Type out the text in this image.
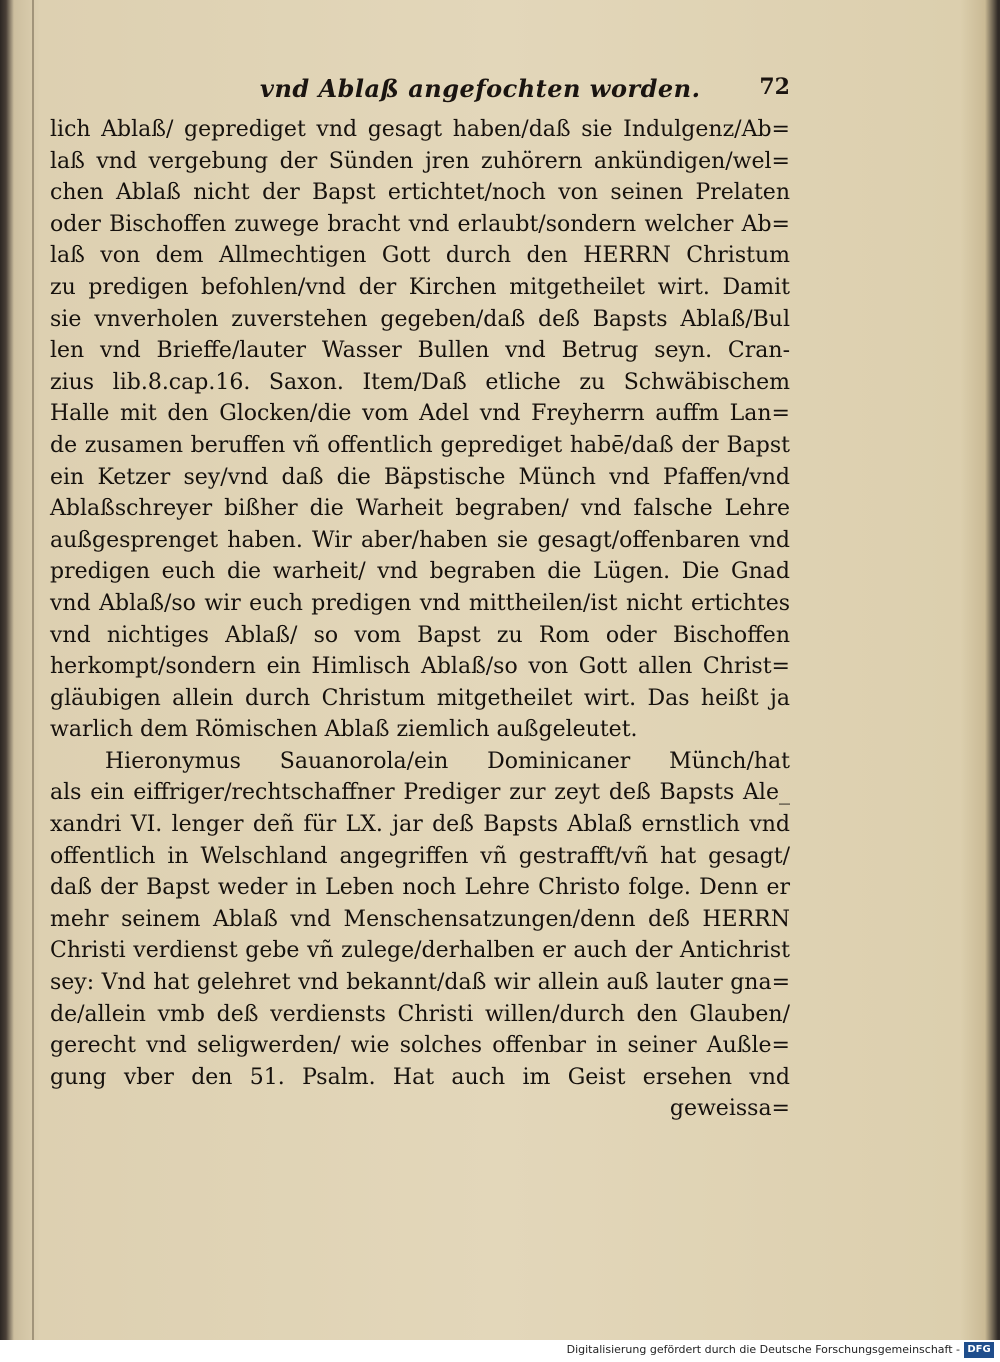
vnd Ablaß angefochten worden.	72
lich Ablaß/ geprediget vnd gesagt haben/daß sie Indulgenz/Ab=
laß vnd vergebung der Sünden jren zuhörern ankündigen/wel=
chen Ablaß nicht der Bapst ertichtet/noch von seinen Prelaten
oder Bischoffen zuwege bracht vnd erlaubt/sondern welcher Ab=
laß von dem Allmechtigen Gott durch den HERRN Christum
zu predigen befohlen/vnd der Kirchen mitgetheilet wirt. Damit
sie vnverholen zuverstehen gegeben/daß deß Bapsts Ablaß/Bul
len vnd Brieffe/lauter Wasser Bullen vnd Betrug seyn. Cran-
zius lib.8.cap.16. Saxon. Item/Daß etliche zu Schwäbischem
Halle mit den Glocken/die vom Adel vnd Freyherrn auffm Lan=
de zusamen beruffen vñ offentlich geprediget habē/daß der Bapst
ein Ketzer sey/vnd daß die Bäpstische Münch vnd Pfaffen/vnd
Ablaßschreyer bißher die Warheit begraben/ vnd falsche Lehre
außgesprenget haben. Wir aber/haben sie gesagt/offenbaren vnd
predigen euch die warheit/ vnd begraben die Lügen. Die Gnad
vnd Ablaß/so wir euch predigen vnd mittheilen/ist nicht ertichtes
vnd nichtiges Ablaß/ so vom Bapst zu Rom oder Bischoffen
herkompt/sondern ein Himlisch Ablaß/so von Gott allen Christ=
gläubigen allein durch Christum mitgetheilet wirt. Das heißt ja
warlich dem Römischen Ablaß ziemlich außgeleutet.
Hieronymus Sauanorola/ein Dominicaner Münch/hat
als ein eiffriger/rechtschaffner Prediger zur zeyt deß Bapsts Ale_
xandri VI. lenger deñ für LX. jar deß Bapsts Ablaß ernstlich vnd
offentlich in Welschland angegriffen vñ gestrafft/vñ hat gesagt/
daß der Bapst weder in Leben noch Lehre Christo folge. Denn er
mehr seinem Ablaß vnd Menschensatzungen/denn deß HERRN
Christi verdienst gebe vñ zulege/derhalben er auch der Antichrist
sey: Vnd hat gelehret vnd bekannt/daß wir allein auß lauter gna=
de/allein vmb deß verdiensts Christi willen/durch den Glauben/
gerecht vnd seligwerden/ wie solches offenbar in seiner Außle=
gung vber den 51. Psalm. Hat auch im Geist ersehen vnd
geweissa=
Digitalisierung gefördert durch die Deutsche Forschungsgemeinschaft - DFG
